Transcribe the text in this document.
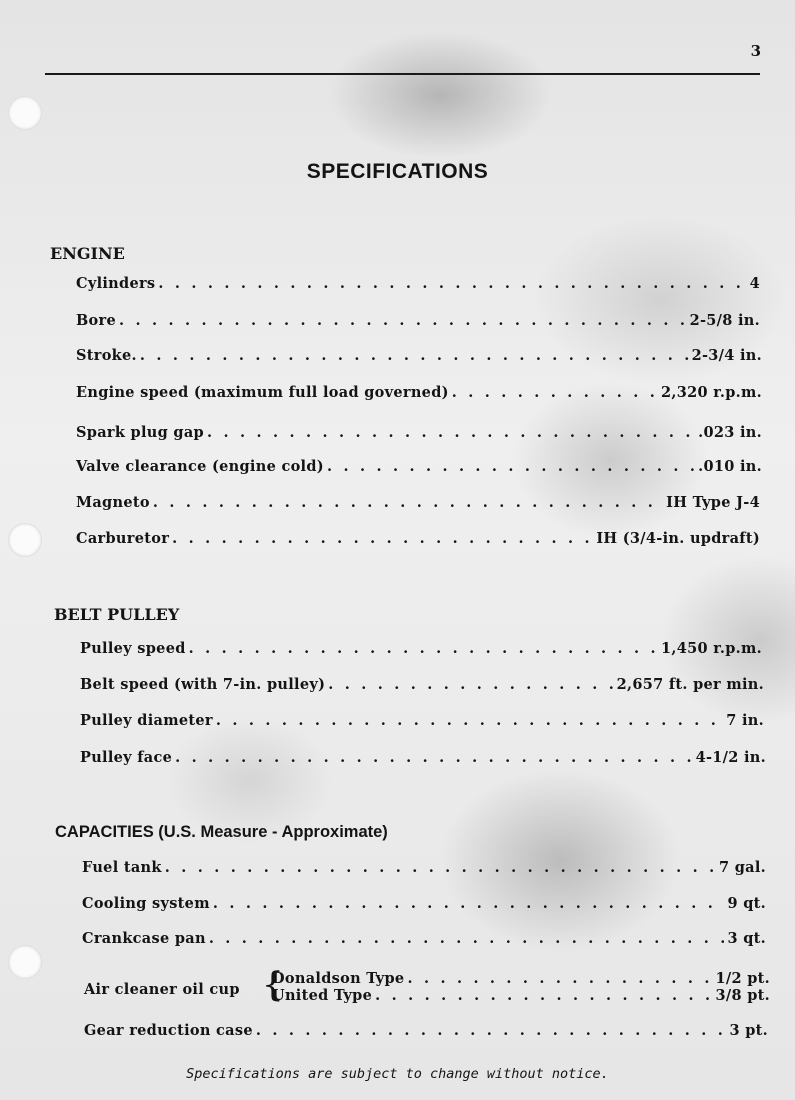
3
SPECIFICATIONS
ENGINE
Cylinders . . .	4
Bore . . .	2-5/8 in.
Stroke. . . .	2-3/4 in.
Engine speed (maximum full load governed) . . .	2,320 r.p.m.
Spark plug gap . . .	.023 in.
Valve clearance (engine cold) . . .	.010 in.
Magneto . . .	IH Type J-4
Carburetor . . .	IH (3/4-in. updraft)
BELT PULLEY
Pulley speed . . .	1,450 r.p.m.
Belt speed (with 7-in. pulley) . . .	2,657 ft. per min.
Pulley diameter . . .	7 in.
Pulley face . . .	4-1/2 in.
CAPACITIES (U.S. Measure - Approximate)
Fuel tank . . .	7 gal.
Cooling system . . .	9 qt.
Crankcase pan . . .	3 qt.
Air cleaner oil cup {
Donaldson Type . . .	1/2 pt.
United Type . . .	3/8 pt.
Gear reduction case . . .	3 pt.
Specifications are subject to change without notice.
